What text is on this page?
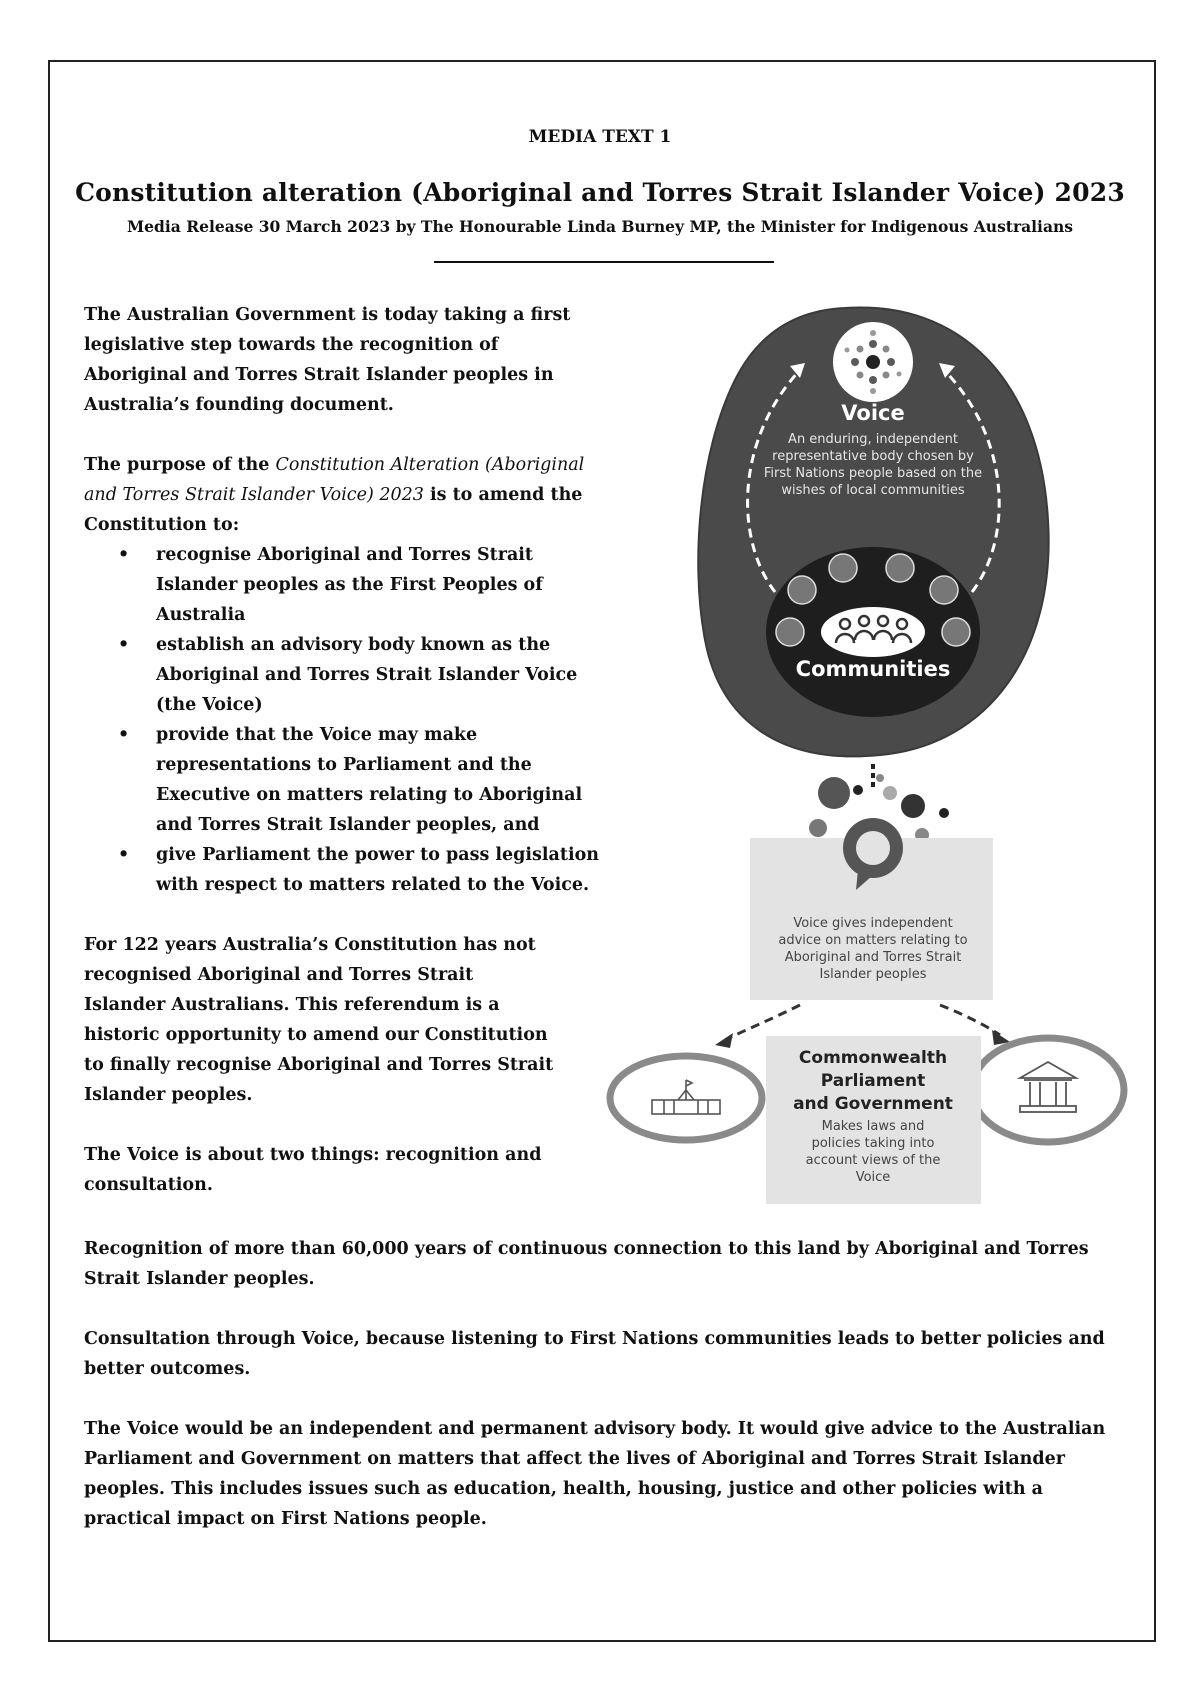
MEDIA TEXT 1
Constitution alteration (Aboriginal and Torres Strait Islander Voice) 2023
Media Release 30 March 2023 by The Honourable Linda Burney MP, the Minister for Indigenous Australians

The Australian Government is today taking a first legislative step towards the recognition of Aboriginal and Torres Strait Islander peoples in Australia’s founding document.

The purpose of the Constitution Alteration (Aboriginal and Torres Strait Islander Voice) 2023 is to amend the Constitution to:

• recognise Aboriginal and Torres Strait Islander peoples as the First Peoples of Australia
• establish an advisory body known as the Aboriginal and Torres Strait Islander Voice (the Voice)
• provide that the Voice may make representations to Parliament and the Executive on matters relating to Aboriginal and Torres Strait Islander peoples, and
• give Parliament the power to pass legislation with respect to matters related to the Voice.

For 122 years Australia’s Constitution has not recognised Aboriginal and Torres Strait Islander Australians. This referendum is a historic opportunity to amend our Constitution to finally recognise Aboriginal and Torres Strait Islander peoples.

The Voice is about two things: recognition and consultation.

Recognition of more than 60,000 years of continuous connection to this land by Aboriginal and Torres Strait Islander peoples.

Consultation through Voice, because listening to First Nations communities leads to better policies and better outcomes.

The Voice would be an independent and permanent advisory body. It would give advice to the Australian Parliament and Government on matters that affect the lives of Aboriginal and Torres Strait Islander peoples. This includes issues such as education, health, housing, justice and other policies with a practical impact on First Nations people.

Voice
An enduring, independent
representative body chosen by
First Nations people based on the
wishes of local communities
Communities
Voice gives independent
advice on matters relating to
Aboriginal and Torres Strait
Islander peoples
Commonwealth
Parliament
and Government
Makes laws and
policies taking into
account views of the
Voice
